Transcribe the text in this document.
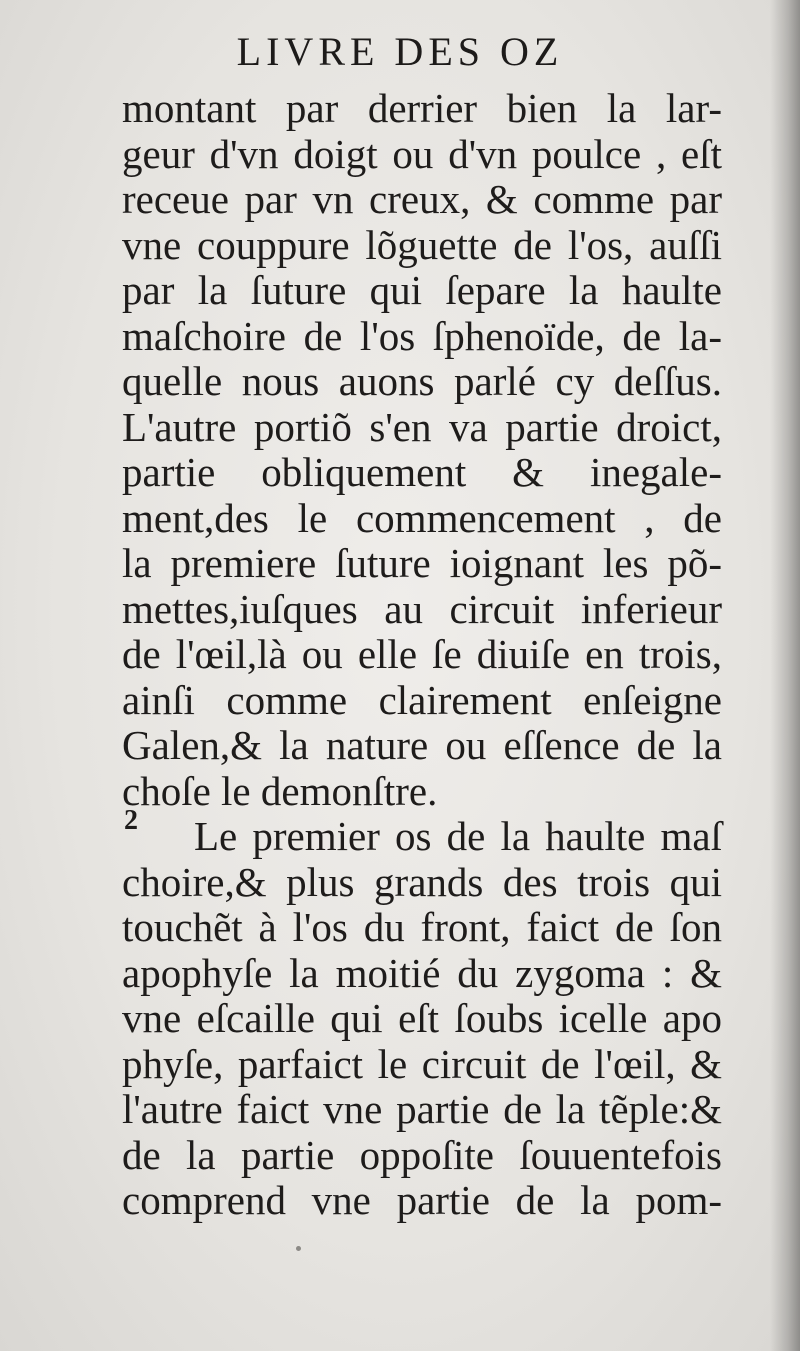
LIVRE DES OZ
2
montant par derrier bien la lar-
geur d'vn doigt ou d'vn poulce , eſt
receue par vn creux, & comme par
vne couppure lõguette de l'os, auſſi
par la ſuture qui ſepare la haulte
maſchoire de l'os ſphenoïde, de la-
quelle nous auons parlé cy deſſus.
L'autre portiõ s'en va partie droict,
partie obliquement & inegale-
ment,des le commencement , de
la premiere ſuture ioignant les põ-
mettes,iuſques au circuit inferieur
de l'œil,là ou elle ſe diuiſe en trois,
ainſi comme clairement enſeigne
Galen,& la nature ou eſſence de la
choſe le demonſtre.
Le premier os de la haulte maſ
choire,& plus grands des trois qui
touchẽt à l'os du front, faict de ſon
apophyſe la moitié du zygoma : &
vne eſcaille qui eſt ſoubs icelle apo
phyſe, parfaict le circuit de l'œil, &
l'autre faict vne partie de la tẽple:&
de la partie oppoſite ſouuentefois
comprend vne partie de la pom-
